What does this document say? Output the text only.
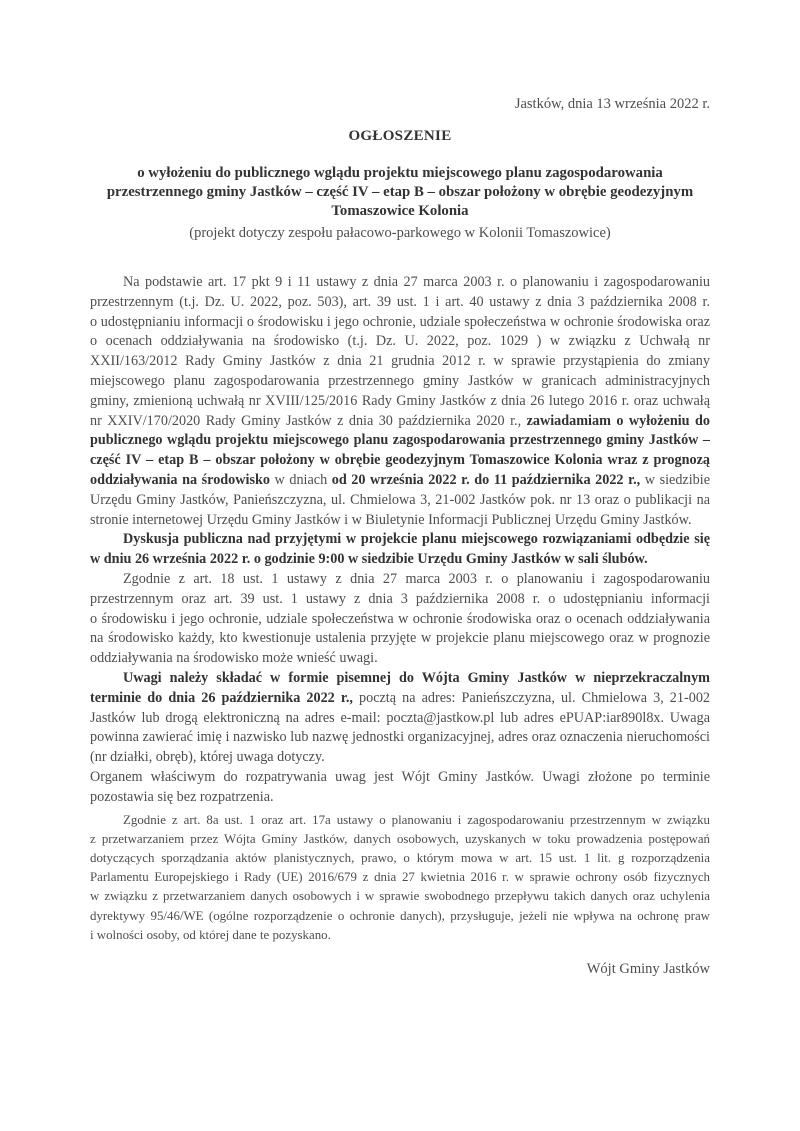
Jastków, dnia 13 września 2022 r.

OGŁOSZENIE
o wyłożeniu do publicznego wglądu projektu miejscowego planu zagospodarowania przestrzennego gminy Jastków – część IV – etap B – obszar położony w obrębie geodezyjnym Tomaszowice Kolonia

(projekt dotyczy zespołu pałacowo-parkowego w Kolonii Tomaszowice)

Na podstawie art. 17 pkt 9 i 11 ustawy z dnia 27 marca 2003 r. o planowaniu i zagospodarowaniu przestrzennym (t.j. Dz. U. 2022, poz. 503), art. 39 ust. 1 i art. 40 ustawy z dnia 3 października 2008 r. o udostępnianiu informacji o środowisku i jego ochronie, udziale społeczeństwa w ochronie środowiska oraz o ocenach oddziaływania na środowisko (t.j. Dz. U. 2022, poz. 1029 ) w związku z Uchwałą nr XXII/163/2012 Rady Gminy Jastków z dnia 21 grudnia 2012 r. w sprawie przystąpienia do zmiany miejscowego planu zagospodarowania przestrzennego gminy Jastków w granicach administracyjnych gminy, zmienioną uchwałą nr XVIII/125/2016 Rady Gminy Jastków z dnia 26 lutego 2016 r. oraz uchwałą nr XXIV/170/2020 Rady Gminy Jastków z dnia 30 października 2020 r., zawiadamiam o wyłożeniu do publicznego wglądu projektu miejscowego planu zagospodarowania przestrzennego gminy Jastków – część IV – etap B – obszar położony w obrębie geodezyjnym Tomaszowice Kolonia wraz z prognozą oddziaływania na środowisko w dniach od 20 września 2022 r. do 11 października 2022 r., w siedzibie Urzędu Gminy Jastków, Panieńszczyzna, ul. Chmielowa 3, 21-002 Jastków pok. nr 13 oraz o publikacji na stronie internetowej Urzędu Gminy Jastków i w Biuletynie Informacji Publicznej Urzędu Gminy Jastków.

Dyskusja publiczna nad przyjętymi w projekcie planu miejscowego rozwiązaniami odbędzie się w dniu 26 września 2022 r. o godzinie 9:00 w siedzibie Urzędu Gminy Jastków w sali ślubów.

Zgodnie z art. 18 ust. 1 ustawy z dnia 27 marca 2003 r. o planowaniu i zagospodarowaniu przestrzennym oraz art. 39 ust. 1 ustawy z dnia 3 października 2008 r. o udostępnianiu informacji o środowisku i jego ochronie, udziale społeczeństwa w ochronie środowiska oraz o ocenach oddziaływania na środowisko każdy, kto kwestionuje ustalenia przyjęte w projekcie planu miejscowego oraz w prognozie oddziaływania na środowisko może wnieść uwagi.

Uwagi należy składać w formie pisemnej do Wójta Gminy Jastków w nieprzekraczalnym terminie do dnia 26 października 2022 r., pocztą na adres: Panieńszczyzna, ul. Chmielowa 3, 21-002 Jastków lub drogą elektroniczną na adres e-mail: poczta@jastkow.pl lub adres ePUAP:iar890l8x. Uwaga powinna zawierać imię i nazwisko lub nazwę jednostki organizacyjnej, adres oraz oznaczenia nieruchomości (nr działki, obręb), której uwaga dotyczy.

Organem właściwym do rozpatrywania uwag jest Wójt Gminy Jastków. Uwagi złożone po terminie pozostawia się bez rozpatrzenia.

Zgodnie z art. 8a ust. 1 oraz art. 17a ustawy o planowaniu i zagospodarowaniu przestrzennym w związku z przetwarzaniem przez Wójta Gminy Jastków, danych osobowych, uzyskanych w toku prowadzenia postępowań dotyczących sporządzania aktów planistycznych, prawo, o którym mowa w art. 15 ust. 1 lit. g rozporządzenia Parlamentu Europejskiego i Rady (UE) 2016/679 z dnia 27 kwietnia 2016 r. w sprawie ochrony osób fizycznych w związku z przetwarzaniem danych osobowych i w sprawie swobodnego przepływu takich danych oraz uchylenia dyrektywy 95/46/WE (ogólne rozporządzenie o ochronie danych), przysługuje, jeżeli nie wpływa na ochronę praw i wolności osoby, od której dane te pozyskano.

Wójt Gminy Jastków
